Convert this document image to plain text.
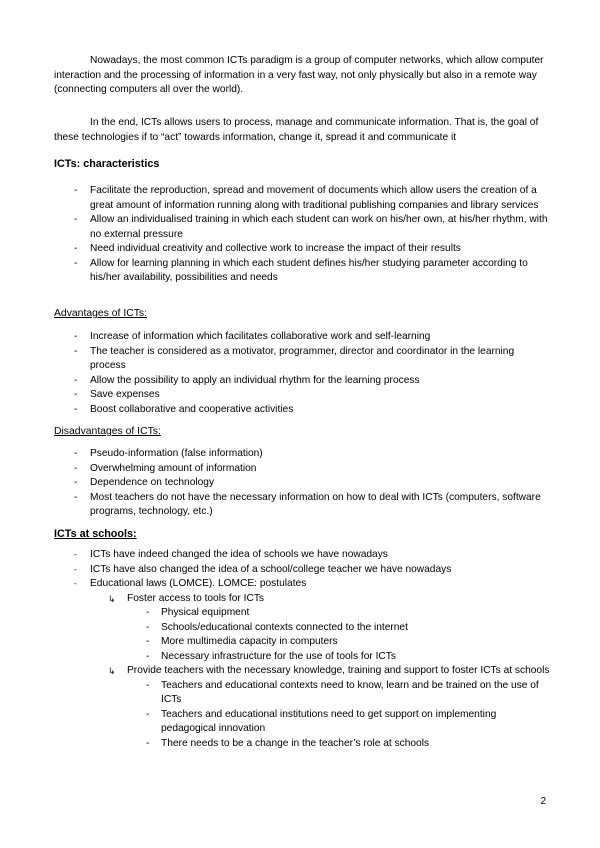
Nowadays, the most common ICTs paradigm is a group of computer networks, which allow computer interaction and the processing of information in a very fast way, not only physically but also in a remote way (connecting computers all over the world).

In the end, ICTs allows users to process, manage and communicate information. That is, the goal of these technologies if to “act” towards information, change it, spread it and communicate it

ICTs: characteristics

- Facilitate the reproduction, spread and movement of documents which allow users the creation of a great amount of information running along with traditional publishing companies and library services
- Allow an individualised training in which each student can work on his/her own, at his/her rhythm, with no external pressure
- Need individual creativity and collective work to increase the impact of their results
- Allow for learning planning in which each student defines his/her studying parameter according to his/her availability, possibilities and needs

Advantages of ICTs:

- Increase of information which facilitates collaborative work and self-learning
- The teacher is considered as a motivator, programmer, director and coordinator in the learning process
- Allow the possibility to apply an individual rhythm for the learning process
- Save expenses
- Boost collaborative and cooperative activities

Disadvantages of ICTs:

- Pseudo-information (false information)
- Overwhelming amount of information
- Dependence on technology
- Most teachers do not have the necessary information on how to deal with ICTs (computers, software programs, technology, etc.)

ICTs at schools:

- ICTs have indeed changed the idea of schools we have nowadays
- ICTs have also changed the idea of a school/college teacher we have nowadays
- Educational laws (LOMCE). LOMCE: postulates
↳ Foster access to tools for ICTs
- Physical equipment
- Schools/educational contexts connected to the internet
- More multimedia capacity in computers
- Necessary infrastructure for the use of tools for ICTs
↳ Provide teachers with the necessary knowledge, training and support to foster ICTs at schools
- Teachers and educational contexts need to know, learn and be trained on the use of ICTs
- Teachers and educational institutions need to get support on implementing pedagogical innovation
- There needs to be a change in the teacher’s role at schools
2
